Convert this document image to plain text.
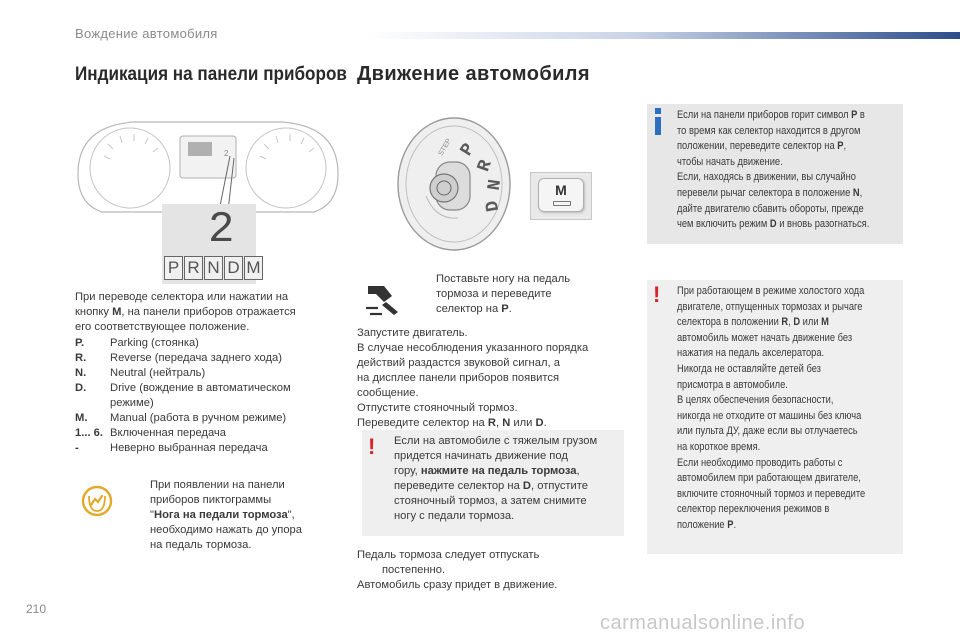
Вождение автомобиля
Индикация на панели приборов Движение автомобиля
2
2
P R N D M
При переводе селектора или нажатии на
кнопку M, на панели приборов отражается
его соответствующее положение.
P. Parking (стоянка)
R. Reverse (передача заднего хода)
N. Neutral (нейтраль)
D. Drive (вождение в автоматическом
режиме)
M. Manual (работа в ручном режиме)
1... 6. Включенная передача
-	Неверно выбранная передача
При появлении на панели
приборов пиктограммы
"Нога на педали тормоза",
необходимо нажать до упора
на педаль тормоза.
STEP P
R
N
D
M
Поставьте ногу на педаль
тормоза и переведите
селектор на P.
Запустите двигатель.
В случае несоблюдения указанного порядка
действий раздастся звуковой сигнал, а
на дисплее панели приборов появится
сообщение.
Отпустите стояночный тормоз.
Переведите селектор на R, N или D.
! Если на автомобиле с тяжелым грузом
придется начинать движение под
гору, нажмите на педаль тормоза,
переведите селектор на D, отпустите
стояночный тормоз, а затем снимите
ногу с педали тормоза.
Педаль тормоза следует отпускать
постепенно.
Автомобиль сразу придет в движение.
Если на панели приборов горит символ P в
то время как селектор находится в другом
положении, переведите селектор на P,
чтобы начать движение.
Если, находясь в движении, вы случайно
перевели рычаг селектора в положение N,
дайте двигателю сбавить обороты, прежде
чем включить режим D и вновь разогнаться.
! При работающем в режиме холостого хода
двигателе, отпущенных тормозах и рычаге
селектора в положении R, D или M
автомобиль может начать движение без
нажатия на педаль акселератора.
Никогда не оставляйте детей без
присмотра в автомобиле.
В целях обеспечения безопасности,
никогда не отходите от машины без ключа
или пульта ДУ, даже если вы отлучаетесь
на короткое время.
Если необходимо проводить работы с
автомобилем при работающем двигателе,
включите стояночный тормоз и переведите
селектор переключения режимов в
положение P.
210
carmanualsonline.info
